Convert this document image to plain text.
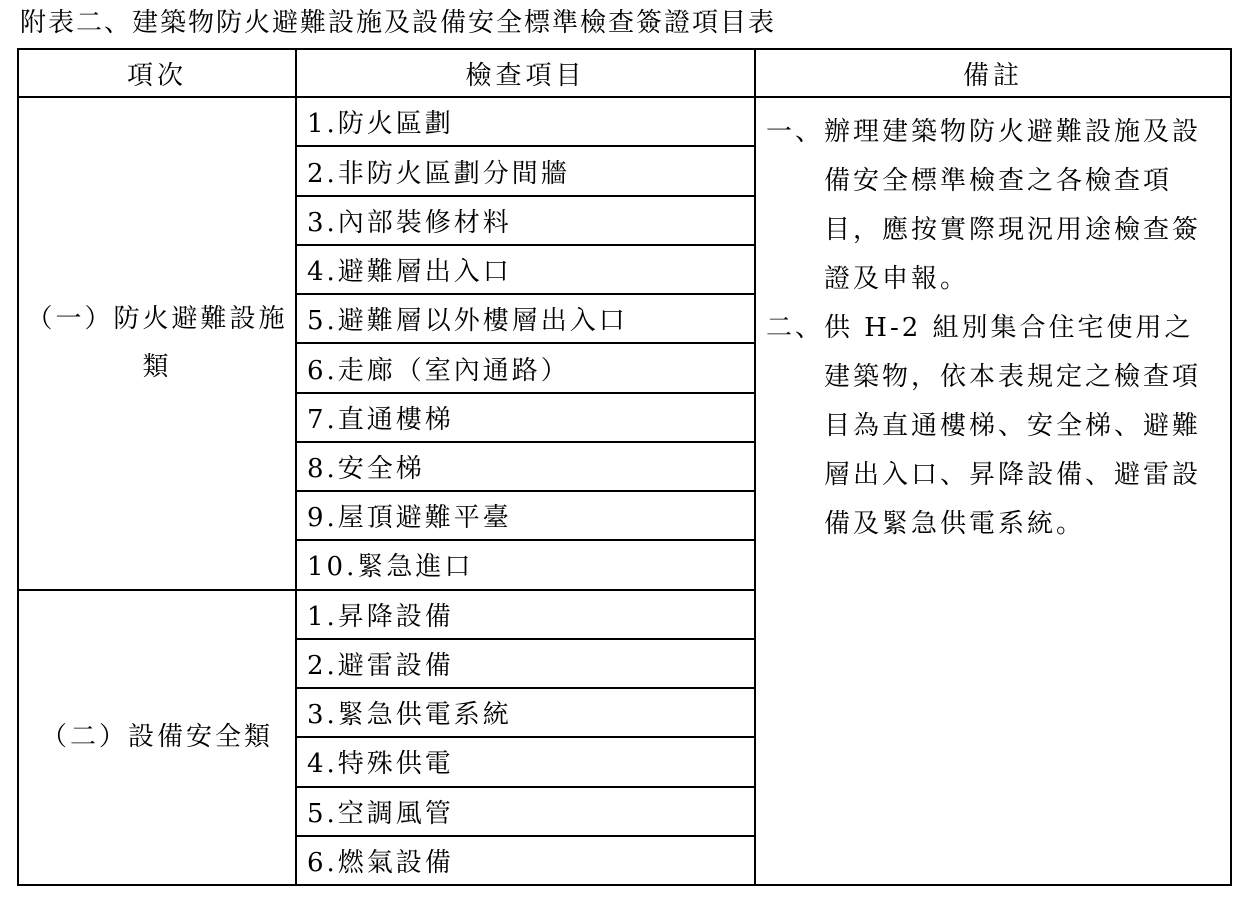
附表二、建築物防火避難設施及設備安全標準檢查簽證項目表
項次	檢查項目	備註
（一）防火避難設施類	1.防火區劃	一、 辦理建築物防火避難設施及設備安全標準檢查之各檢查項目，應按實際現況用途檢查簽證及申報。
二、 供 H-2 組別集合住宅使用之建築物，依本表規定之檢查項目為直通樓梯、安全梯、避難層出入口、昇降設備、避雷設備及緊急供電系統。

	2.非防火區劃分間牆	
	3.內部裝修材料	
	4.避難層出入口	
	5.避難層以外樓層出入口	
	6.走廊（室內通路）	
	7.直通樓梯	
	8.安全梯	
	9.屋頂避難平臺	
	10.緊急進口	
（二）設備安全類	1.昇降設備	
	2.避雷設備	
	3.緊急供電系統	
	4.特殊供電	
	5.空調風管	
	6.燃氣設備	
